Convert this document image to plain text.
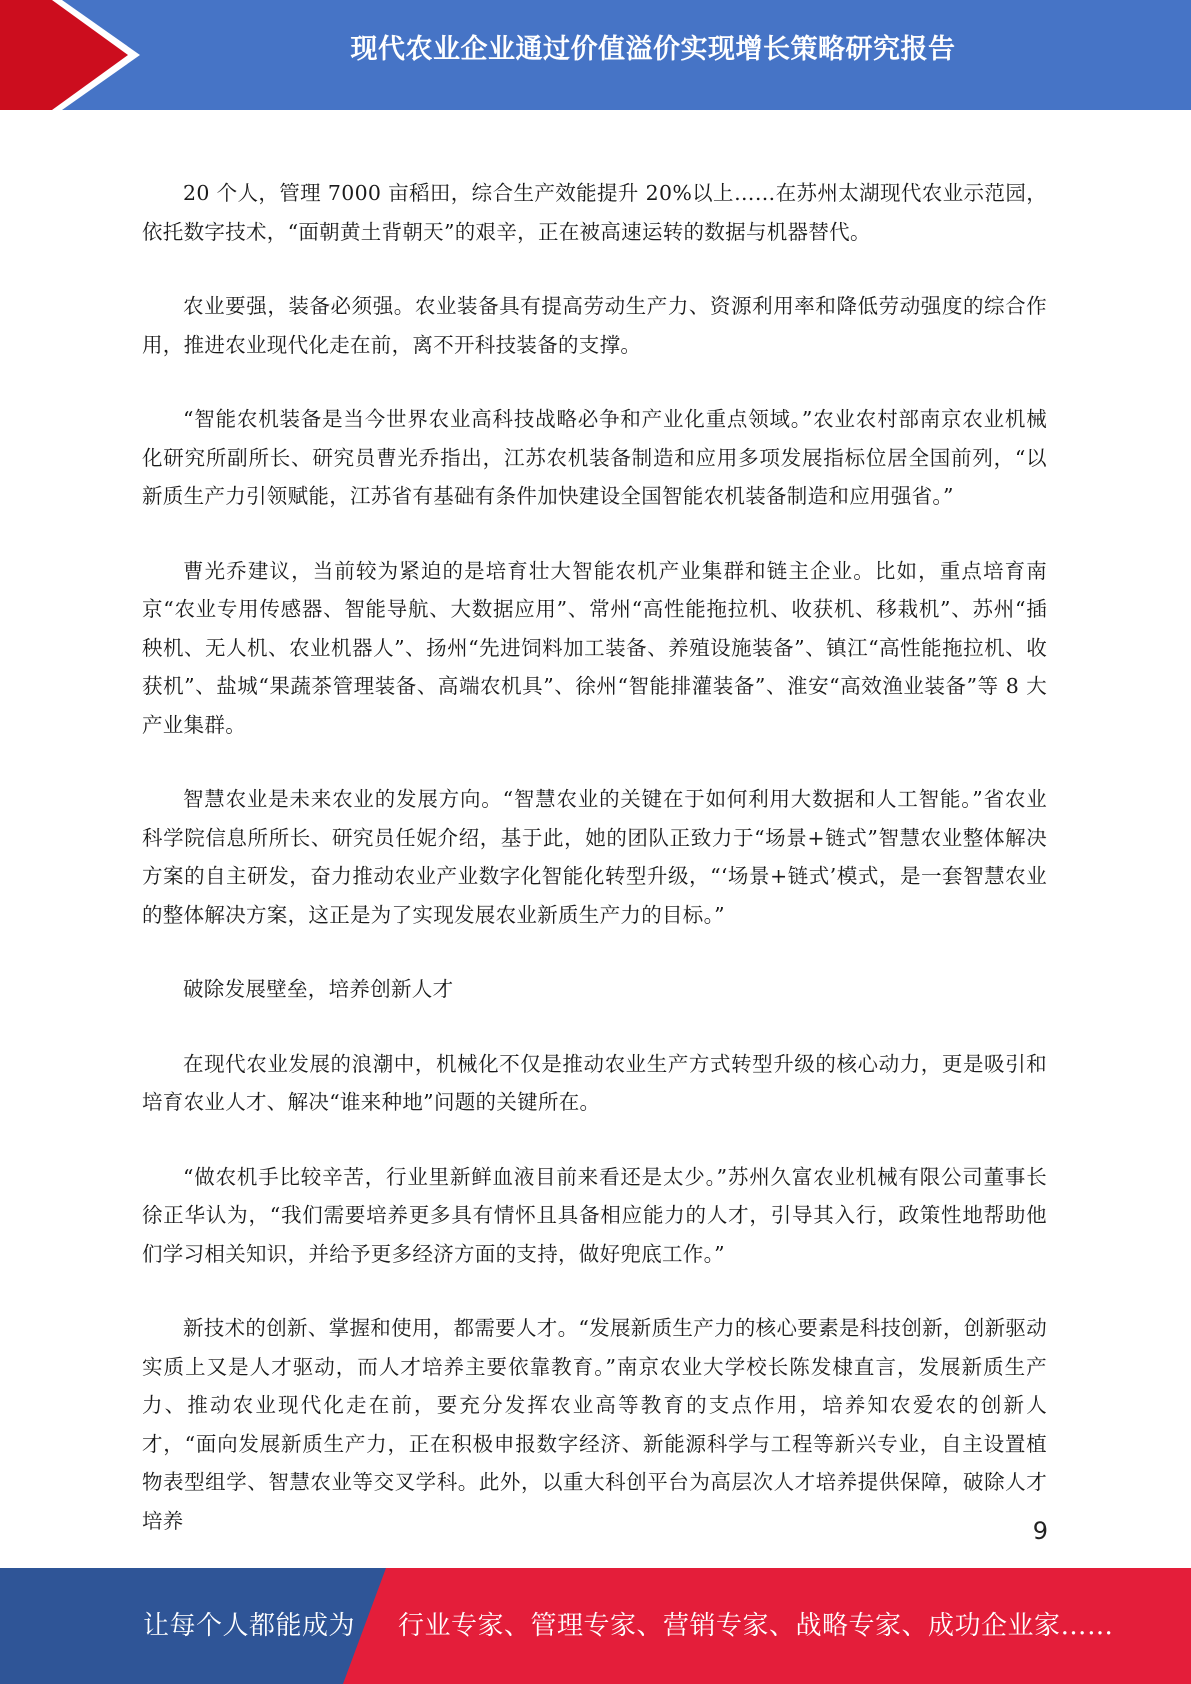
现代农业企业通过价值溢价实现增长策略研究报告

20 个人，管理 7000 亩稻田，综合生产效能提升 20%以上……在苏州太湖现代农业示范园，依托数字技术，“面朝黄土背朝天”的艰辛，正在被高速运转的数据与机器替代。

农业要强，装备必须强。农业装备具有提高劳动生产力、资源利用率和降低劳动强度的综合作用，推进农业现代化走在前，离不开科技装备的支撑。

“智能农机装备是当今世界农业高科技战略必争和产业化重点领域。”农业农村部南京农业机械化研究所副所长、研究员曹光乔指出，江苏农机装备制造和应用多项发展指标位居全国前列，“以新质生产力引领赋能，江苏省有基础有条件加快建设全国智能农机装备制造和应用强省。”

曹光乔建议，当前较为紧迫的是培育壮大智能农机产业集群和链主企业。比如，重点培育南京“农业专用传感器、智能导航、大数据应用”、常州“高性能拖拉机、收获机、移栽机”、苏州“插秧机、无人机、农业机器人”、扬州“先进饲料加工装备、养殖设施装备”、镇江“高性能拖拉机、收获机”、盐城“果蔬茶管理装备、高端农机具”、徐州“智能排灌装备”、淮安“高效渔业装备”等 8 大产业集群。

智慧农业是未来农业的发展方向。“智慧农业的关键在于如何利用大数据和人工智能。”省农业科学院信息所所长、研究员任妮介绍，基于此，她的团队正致力于“场景+链式”智慧农业整体解决方案的自主研发，奋力推动农业产业数字化智能化转型升级，“‘场景+链式’模式，是一套智慧农业的整体解决方案，这正是为了实现发展农业新质生产力的目标。”

破除发展壁垒，培养创新人才

在现代农业发展的浪潮中，机械化不仅是推动农业生产方式转型升级的核心动力，更是吸引和培育农业人才、解决“谁来种地”问题的关键所在。

“做农机手比较辛苦，行业里新鲜血液目前来看还是太少。”苏州久富农业机械有限公司董事长徐正华认为，“我们需要培养更多具有情怀且具备相应能力的人才，引导其入行，政策性地帮助他们学习相关知识，并给予更多经济方面的支持，做好兜底工作。”

新技术的创新、掌握和使用，都需要人才。“发展新质生产力的核心要素是科技创新，创新驱动实质上又是人才驱动，而人才培养主要依靠教育。”南京农业大学校长陈发棣直言，发展新质生产力、推动农业现代化走在前，要充分发挥农业高等教育的支点作用，培养知农爱农的创新人才，“面向发展新质生产力，正在积极申报数字经济、新能源科学与工程等新兴专业，自主设置植物表型组学、智慧农业等交叉学科。此外，以重大科创平台为高层次人才培养提供保障，破除人才培养	9
让每个人都能成为 行业专家、管理专家、营销专家、战略专家、成功企业家……
